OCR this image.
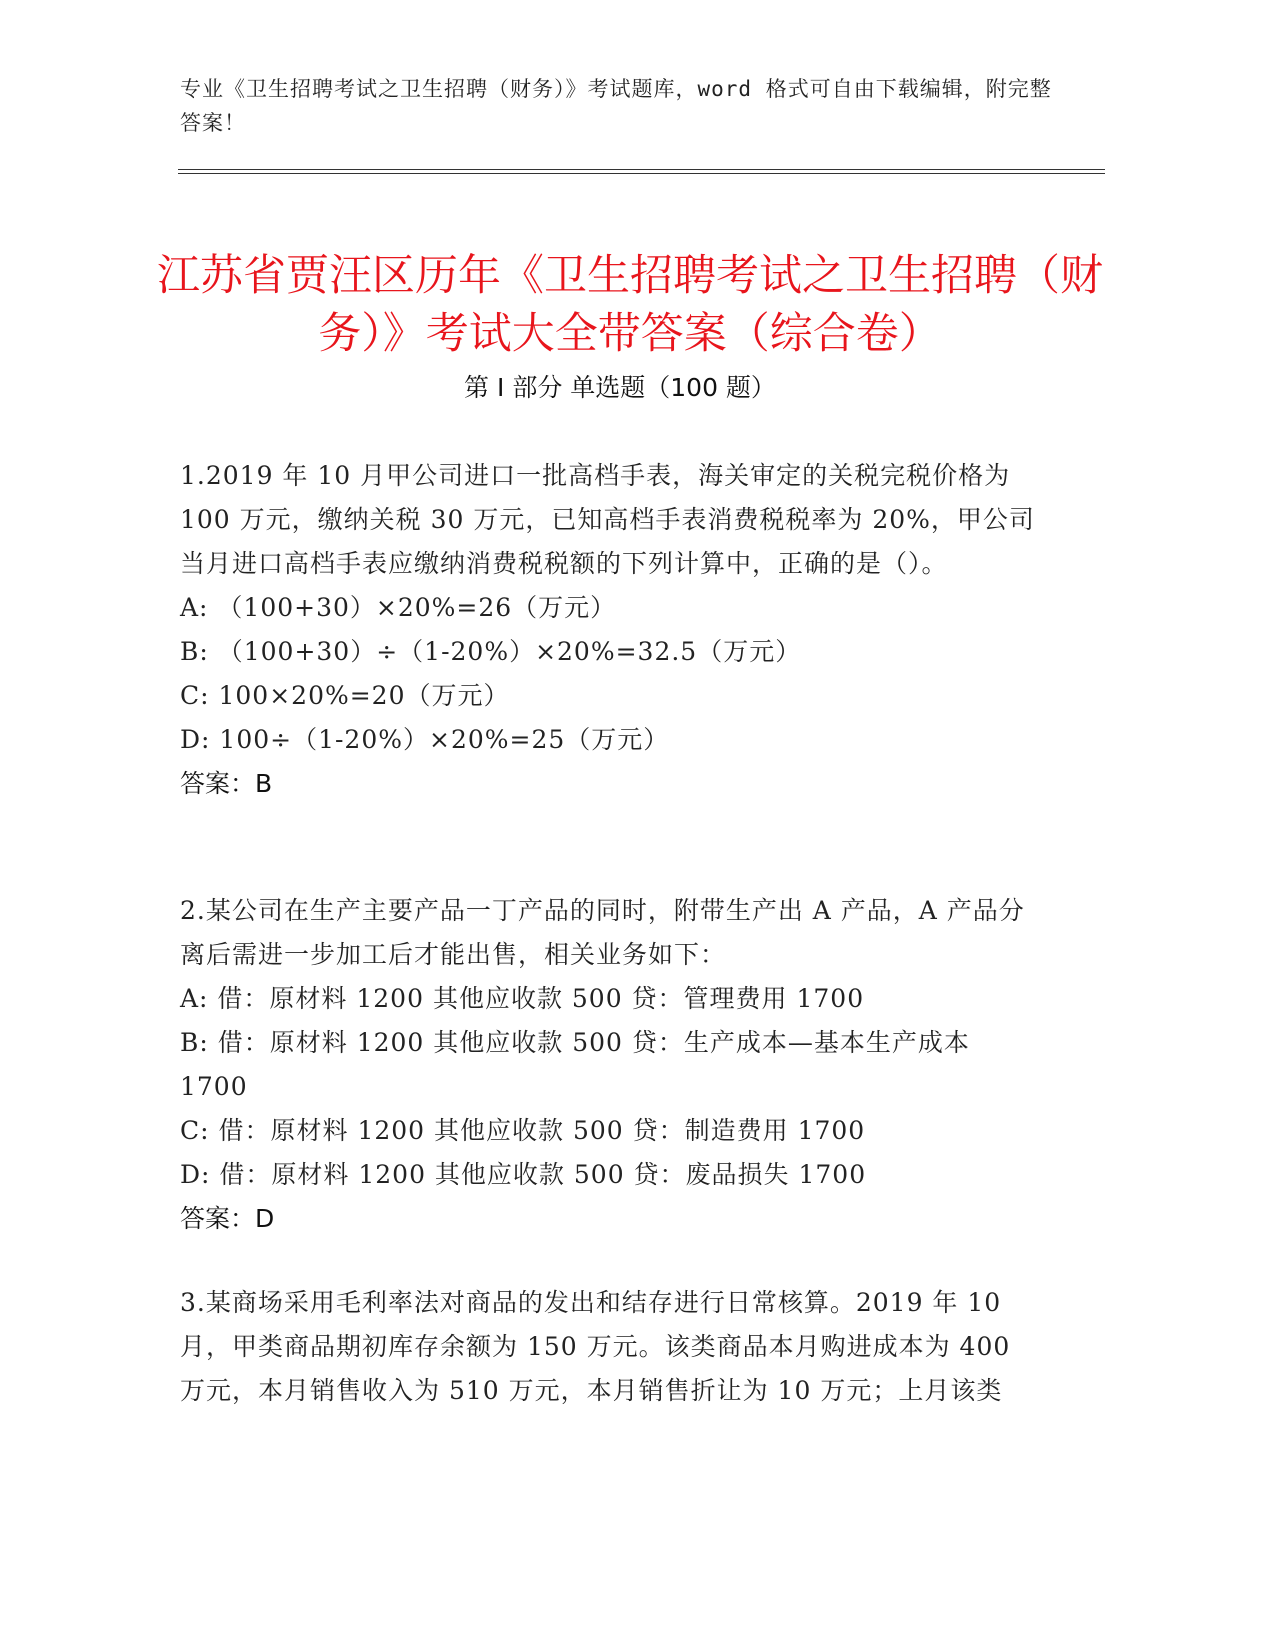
专业《卫生招聘考试之卫生招聘（财务）》考试题库，word 格式可自由下载编辑，附完整答案！
江苏省贾汪区历年《卫生招聘考试之卫生招聘（财务）》考试大全带答案（综合卷）
第 I 部分 单选题（100 题）

1.2019 年 10 月甲公司进口一批高档手表，海关审定的关税完税价格为 100 万元，缴纳关税 30 万元，已知高档手表消费税税率为 20%，甲公司当月进口高档手表应缴纳消费税税额的下列计算中，正确的是（）。

A: （100+30）×20%=26（万元）

B: （100+30）÷（1-20%）×20%=32.5（万元）

C: 100×20%=20（万元）

D: 100÷（1-20%）×20%=25（万元）

答案：B

2.某公司在生产主要产品一丁产品的同时，附带生产出 A 产品，A 产品分离后需进一步加工后才能出售，相关业务如下：

A: 借：原材料 1200 其他应收款 500 贷：管理费用 1700

B: 借：原材料 1200 其他应收款 500 贷：生产成本—基本生产成本 1700

C: 借：原材料 1200 其他应收款 500 贷：制造费用 1700

D: 借：原材料 1200 其他应收款 500 贷：废品损失 1700

答案：D

3.某商场采用毛利率法对商品的发出和结存进行日常核算。2019 年 10 月，甲类商品期初库存余额为 150 万元。该类商品本月购进成本为 400 万元，本月销售收入为 510 万元，本月销售折让为 10 万元；上月该类
